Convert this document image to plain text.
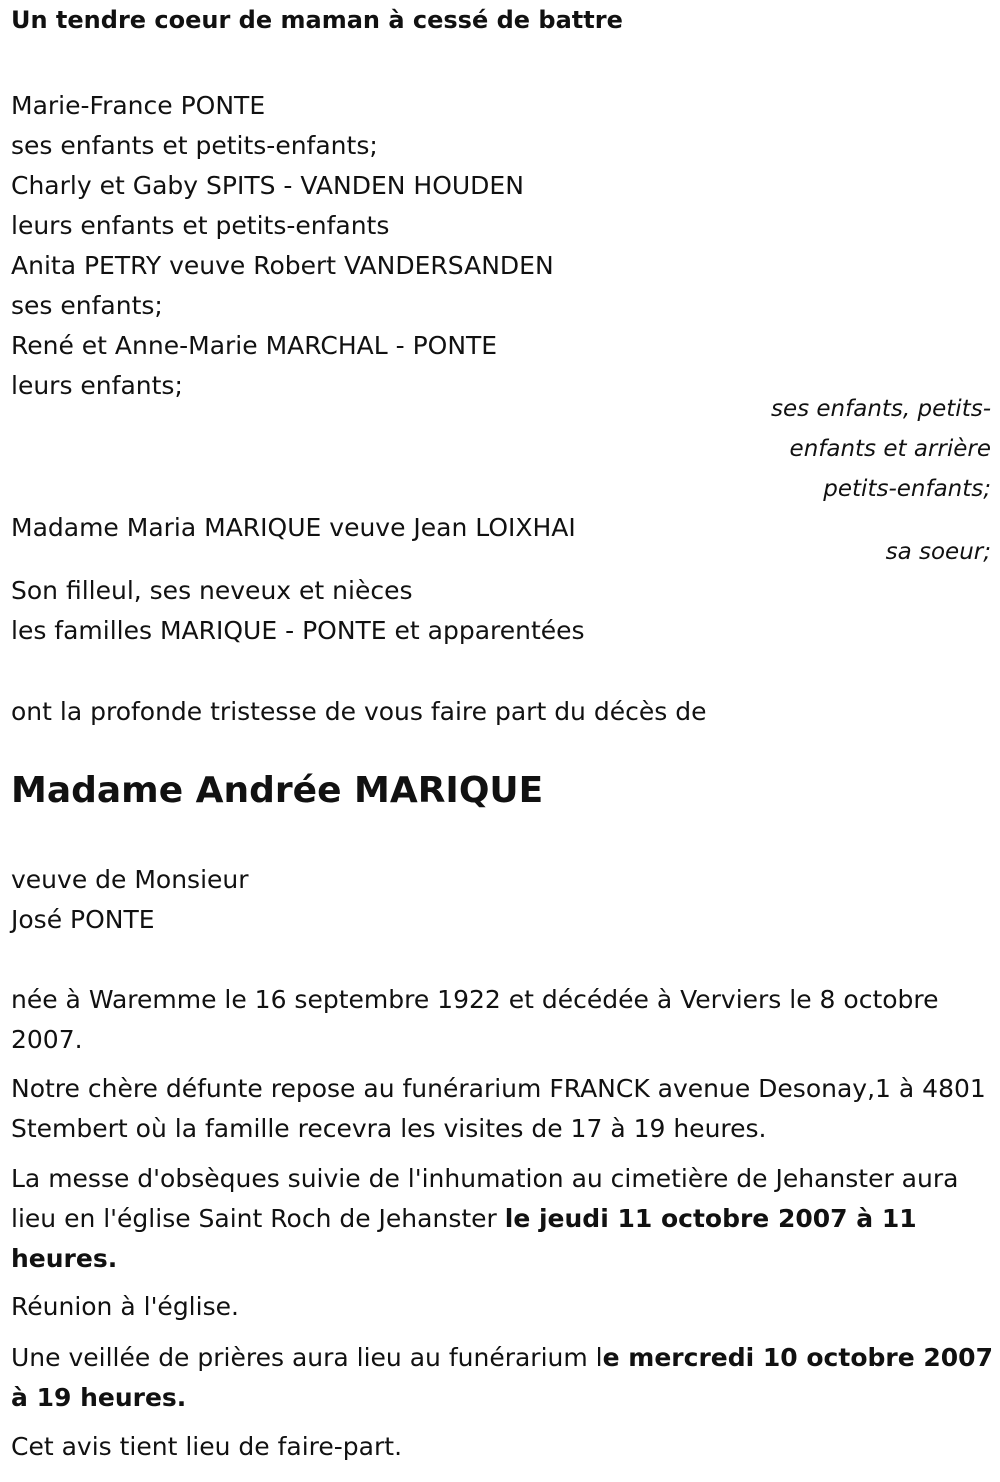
Un tendre coeur de maman à cessé de battre
Marie-France PONTE
ses enfants et petits-enfants;
Charly et Gaby SPITS - VANDEN HOUDEN
leurs enfants et petits-enfants
Anita PETRY veuve Robert VANDERSANDEN
ses enfants;
René et Anne-Marie MARCHAL - PONTE
leurs enfants;
ses enfants, petits-
enfants et arrière
petits-enfants;
Madame Maria MARIQUE veuve Jean LOIXHAI
sa soeur;
Son filleul, ses neveux et nièces
les familles MARIQUE - PONTE et apparentées
ont la profonde tristesse de vous faire part du décès de
Madame Andrée MARIQUE
veuve de Monsieur
José PONTE
née à Waremme le 16 septembre 1922 et décédée à Verviers le 8 octobre 2007.
Notre chère défunte repose au funérarium FRANCK avenue Desonay,1 à 4801 Stembert où la famille recevra les visites de 17 à 19 heures.
La messe d'obsèques suivie de l'inhumation au cimetière de Jehanster aura lieu en l'église Saint Roch de Jehanster le jeudi 11 octobre 2007 à 11 heures.
Réunion à l'église.
Une veillée de prières aura lieu au funérarium le mercredi 10 octobre 2007 à 19 heures.
Cet avis tient lieu de faire-part.
